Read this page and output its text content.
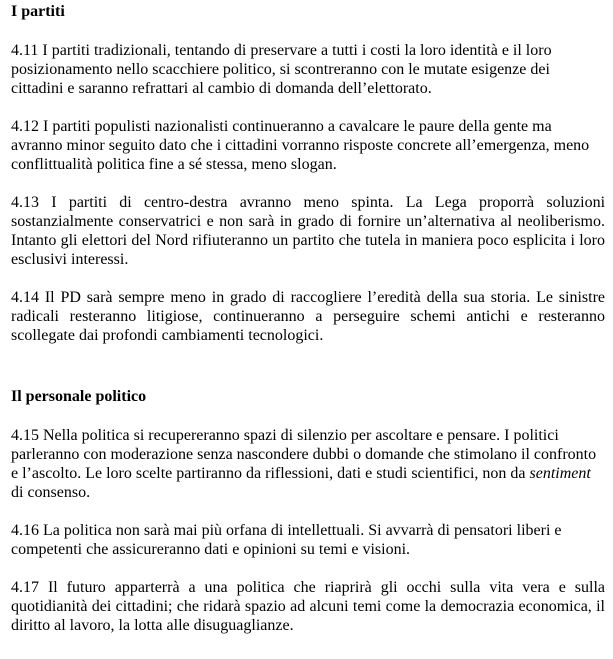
I partiti

4.11 I partiti tradizionali, tentando di preservare a tutti i costi la loro identità e il loro posizionamento nello scacchiere politico, si scontreranno con le mutate esigenze dei cittadini e saranno refrattari al cambio di domanda dell’elettorato.

4.12 I partiti populisti nazionalisti continueranno a cavalcare le paure della gente ma avranno minor seguito dato che i cittadini vorranno risposte concrete all’emergenza, meno conflittualità politica fine a sé stessa, meno slogan.

4.13 I partiti di centro-destra avranno meno spinta. La Lega proporrà soluzioni sostanzialmente conservatrici e non sarà in grado di fornire un’alternativa al neoliberismo. Intanto gli elettori del Nord rifiuteranno un partito che tutela in maniera poco esplicita i loro esclusivi interessi.

4.14 Il PD sarà sempre meno in grado di raccogliere l’eredità della sua storia. Le sinistre radicali resteranno litigiose, continueranno a perseguire schemi antichi e resteranno scollegate dai profondi cambiamenti tecnologici.

Il personale politico

4.15 Nella politica si recupereranno spazi di silenzio per ascoltare e pensare. I politici parleranno con moderazione senza nascondere dubbi o domande che stimolano il confronto e l’ascolto. Le loro scelte partiranno da riflessioni, dati e studi scientifici, non da sentiment di consenso.

4.16 La politica non sarà mai più orfana di intellettuali. Si avvarrà di pensatori liberi e competenti che assicureranno dati e opinioni su temi e visioni.

4.17 Il futuro apparterrà a una politica che riaprirà gli occhi sulla vita vera e sulla quotidianità dei cittadini; che ridarà spazio ad alcuni temi come la democrazia economica, il diritto al lavoro, la lotta alle disuguaglianze.
